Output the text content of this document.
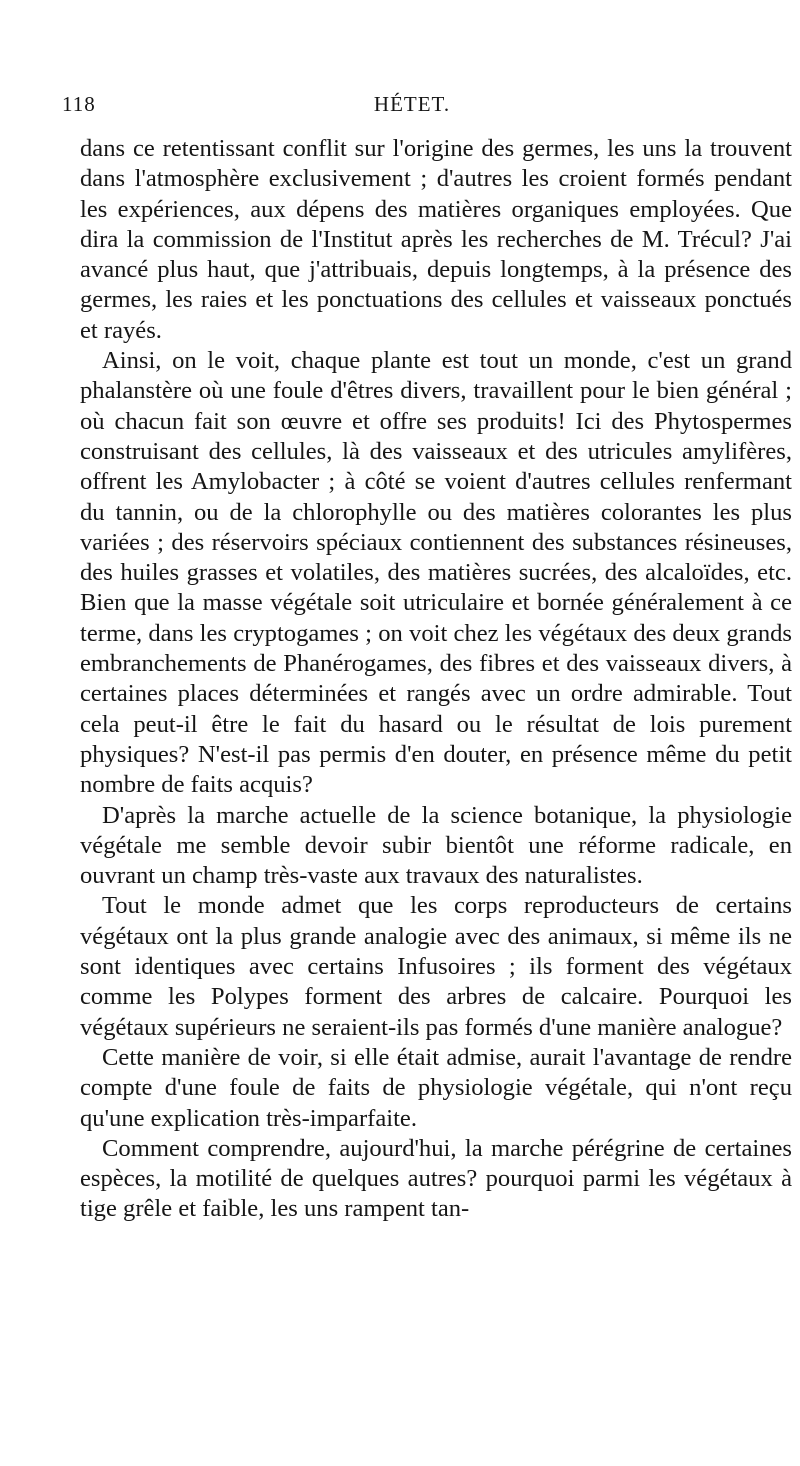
118	HÉTET.

dans ce retentissant conflit sur l'origine des germes, les uns la trouvent dans l'atmosphère exclusivement ; d'autres les croient formés pendant les expériences, aux dépens des matières organiques employées. Que dira la commission de l'Institut après les recherches de M. Trécul? J'ai avancé plus haut, que j'attribuais, depuis longtemps, à la présence des germes, les raies et les ponctuations des cellules et vaisseaux ponctués et rayés.

Ainsi, on le voit, chaque plante est tout un monde, c'est un grand phalanstère où une foule d'êtres divers, travaillent pour le bien général ; où chacun fait son œuvre et offre ses produits! Ici des Phytospermes construisant des cellules, là des vaisseaux et des utricules amylifères, offrent les Amylobacter ; à côté se voient d'autres cellules renfermant du tannin, ou de la chlorophylle ou des matières colorantes les plus variées ; des réservoirs spéciaux contiennent des substances résineuses, des huiles grasses et volatiles, des matières sucrées, des alcaloïdes, etc. Bien que la masse végétale soit utriculaire et bornée généralement à ce terme, dans les cryptogames ; on voit chez les végétaux des deux grands embranchements de Phanérogames, des fibres et des vaisseaux divers, à certaines places déterminées et rangés avec un ordre admirable. Tout cela peut-il être le fait du hasard ou le résultat de lois purement physiques? N'est-il pas permis d'en douter, en présence même du petit nombre de faits acquis?

D'après la marche actuelle de la science botanique, la physiologie végétale me semble devoir subir bientôt une réforme radicale, en ouvrant un champ très-vaste aux travaux des naturalistes.

Tout le monde admet que les corps reproducteurs de certains végétaux ont la plus grande analogie avec des animaux, si même ils ne sont identiques avec certains Infusoires ; ils forment des végétaux comme les Polypes forment des arbres de calcaire. Pourquoi les végétaux supérieurs ne seraient-ils pas formés d'une manière analogue?

Cette manière de voir, si elle était admise, aurait l'avantage de rendre compte d'une foule de faits de physiologie végétale, qui n'ont reçu qu'une explication très-imparfaite.

Comment comprendre, aujourd'hui, la marche pérégrine de certaines espèces, la motilité de quelques autres? pourquoi parmi les végétaux à tige grêle et faible, les uns rampent tan-
